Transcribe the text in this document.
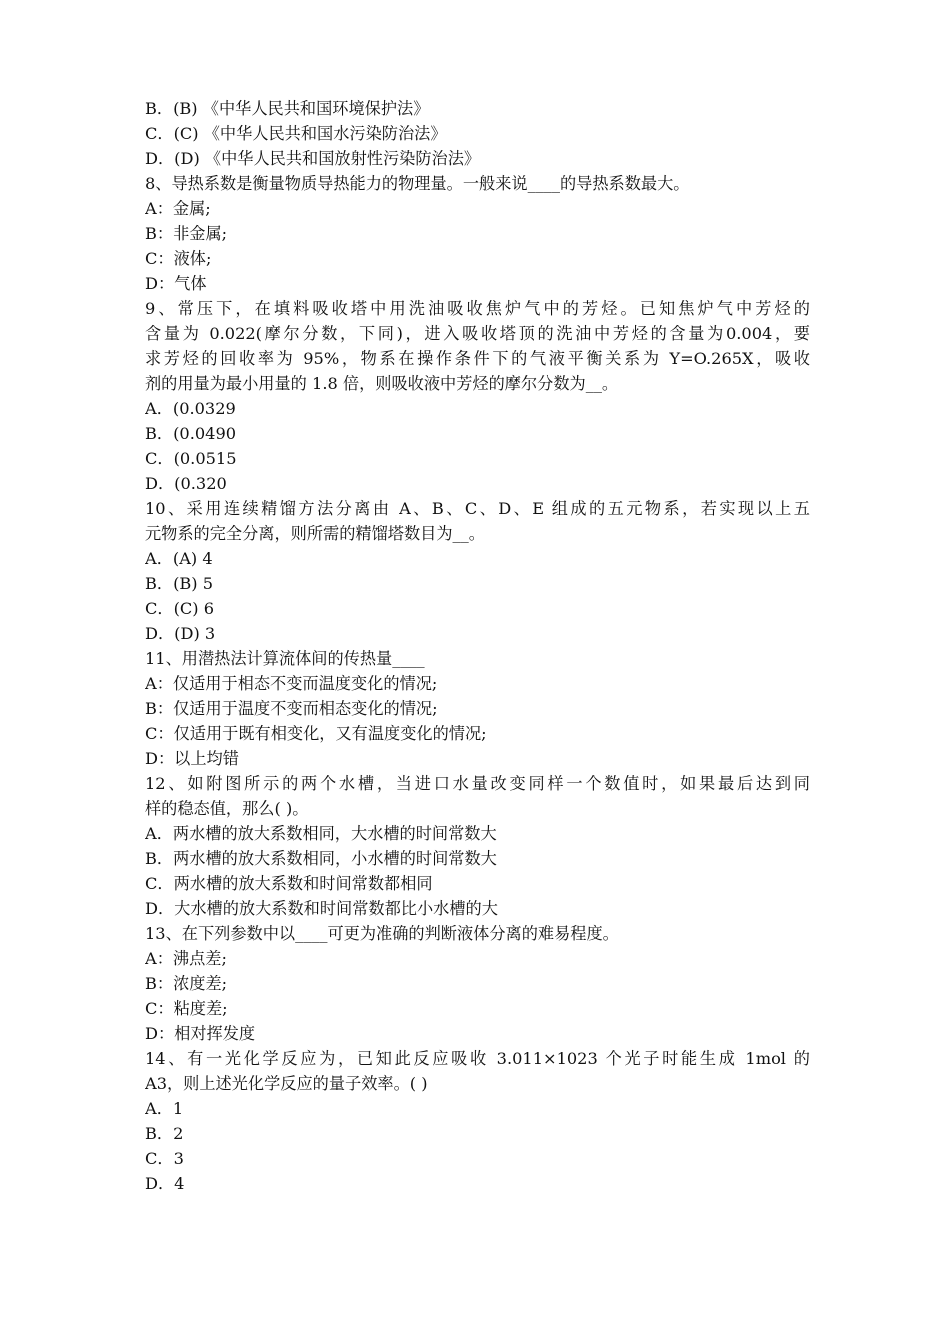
B．(B) 《中华人民共和国环境保护法》
C．(C) 《中华人民共和国水污染防治法》
D．(D) 《中华人民共和国放射性污染防治法》
8、导热系数是衡量物质导热能力的物理量。一般来说____的导热系数最大。
A：金属;
B：非金属;
C：液体;
D：气体
9、常压下，在填料吸收塔中用洗油吸收焦炉气中的芳烃。已知焦炉气中芳烃的
含量为 0.022(摩尔分数，下同)，进入吸收塔顶的洗油中芳烃的含量为0.004，要
求芳烃的回收率为 95%，物系在操作条件下的气液平衡关系为 Y=O.265X，吸收
剂的用量为最小用量的 1.8 倍，则吸收液中芳烃的摩尔分数为__。
A．(0.0329
B．(0.0490
C．(0.0515
D．(0.320
10、采用连续精馏方法分离由 A、B、C、D、E 组成的五元物系，若实现以上五
元物系的完全分离，则所需的精馏塔数目为__。
A．(A) 4
B．(B) 5
C．(C) 6
D．(D) 3
11、用潜热法计算流体间的传热量____
A：仅适用于相态不变而温度变化的情况;
B：仅适用于温度不变而相态变化的情况;
C：仅适用于既有相变化，又有温度变化的情况;
D：以上均错
12、如附图所示的两个水槽，当进口水量改变同样一个数值时，如果最后达到同
样的稳态值，那么( )。
A．两水槽的放大系数相同，大水槽的时间常数大
B．两水槽的放大系数相同，小水槽的时间常数大
C．两水槽的放大系数和时间常数都相同
D．大水槽的放大系数和时间常数都比小水槽的大
13、在下列参数中以____可更为准确的判断液体分离的难易程度。
A：沸点差;
B：浓度差;
C：粘度差;
D：相对挥发度
14、有一光化学反应为，已知此反应吸收 3.011×1023 个光子时能生成 1mol 的
A3，则上述光化学反应的量子效率。( )
A．1
B．2
C．3
D．4
